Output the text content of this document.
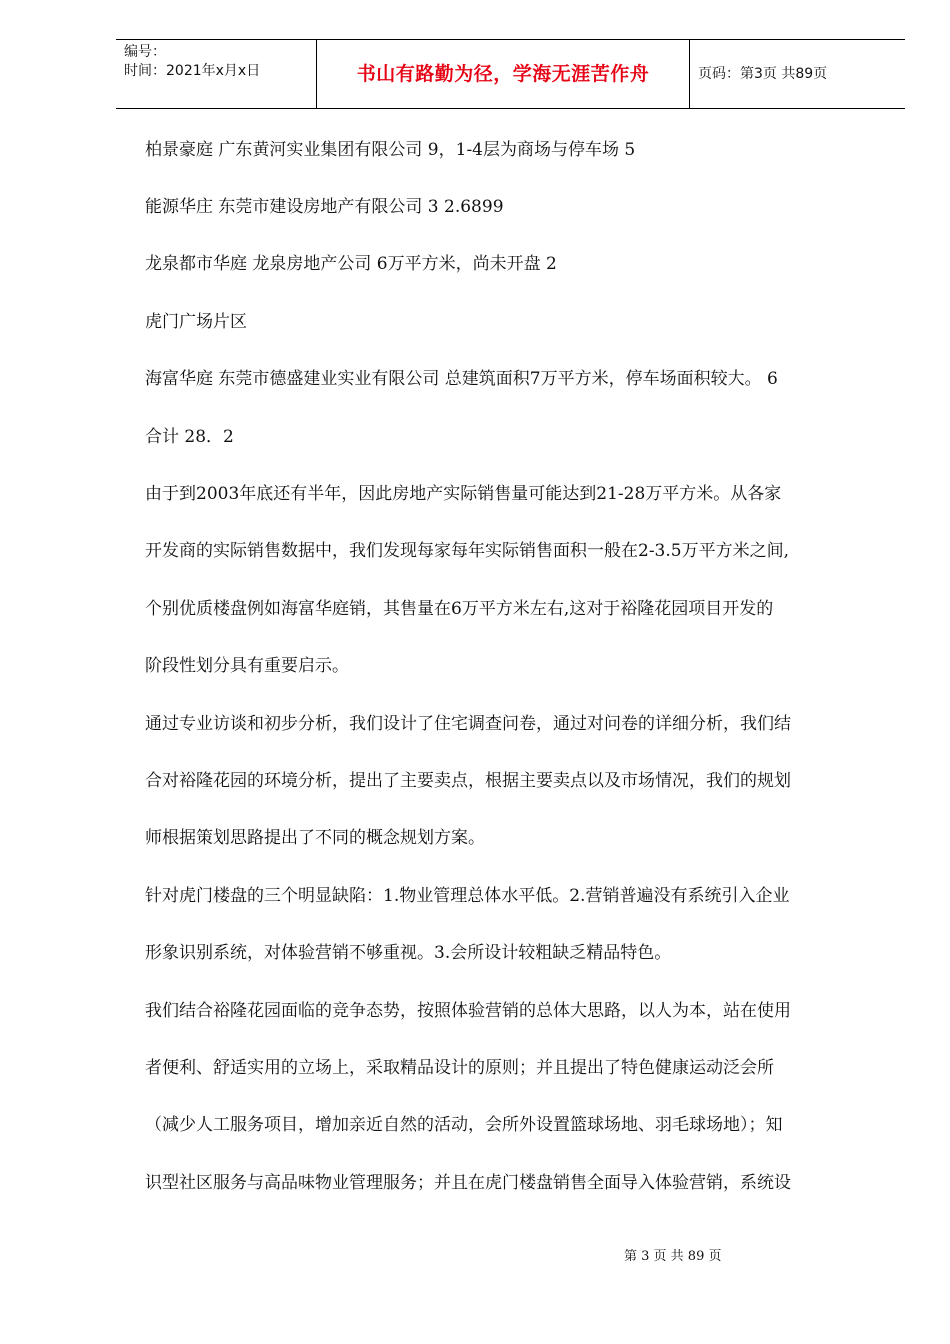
编号：
时间：2021年x月x日	书山有路勤为径，学海无涯苦作舟	页码：第3页 共89页
柏景豪庭 广东黄河实业集团有限公司 9，1-4层为商场与停车场 5
能源华庄 东莞市建设房地产有限公司 3 2.6899
龙泉都市华庭 龙泉房地产公司 6万平方米，尚未开盘 2
虎门广场片区
海富华庭 东莞市德盛建业实业有限公司 总建筑面积7万平方米，停车场面积较大。 6
合计 28．2
由于到2003年底还有半年，因此房地产实际销售量可能达到21-28万平方米。从各家
开发商的实际销售数据中，我们发现每家每年实际销售面积一般在2-3.5万平方米之间,
个别优质楼盘例如海富华庭销，其售量在6万平方米左右,这对于裕隆花园项目开发的
阶段性划分具有重要启示。
通过专业访谈和初步分析，我们设计了住宅调查问卷，通过对问卷的详细分析，我们结
合对裕隆花园的环境分析，提出了主要卖点，根据主要卖点以及市场情况，我们的规划
师根据策划思路提出了不同的概念规划方案。
针对虎门楼盘的三个明显缺陷：1.物业管理总体水平低。2.营销普遍没有系统引入企业
形象识别系统，对体验营销不够重视。3.会所设计较粗缺乏精品特色。
我们结合裕隆花园面临的竞争态势，按照体验营销的总体大思路，以人为本，站在使用
者便利、舒适实用的立场上，采取精品设计的原则；并且提出了特色健康运动泛会所
（减少人工服务项目，增加亲近自然的活动，会所外设置篮球场地、羽毛球场地）；知
识型社区服务与高品味物业管理服务；并且在虎门楼盘销售全面导入体验营销，系统设
第 3 页 共 89 页
